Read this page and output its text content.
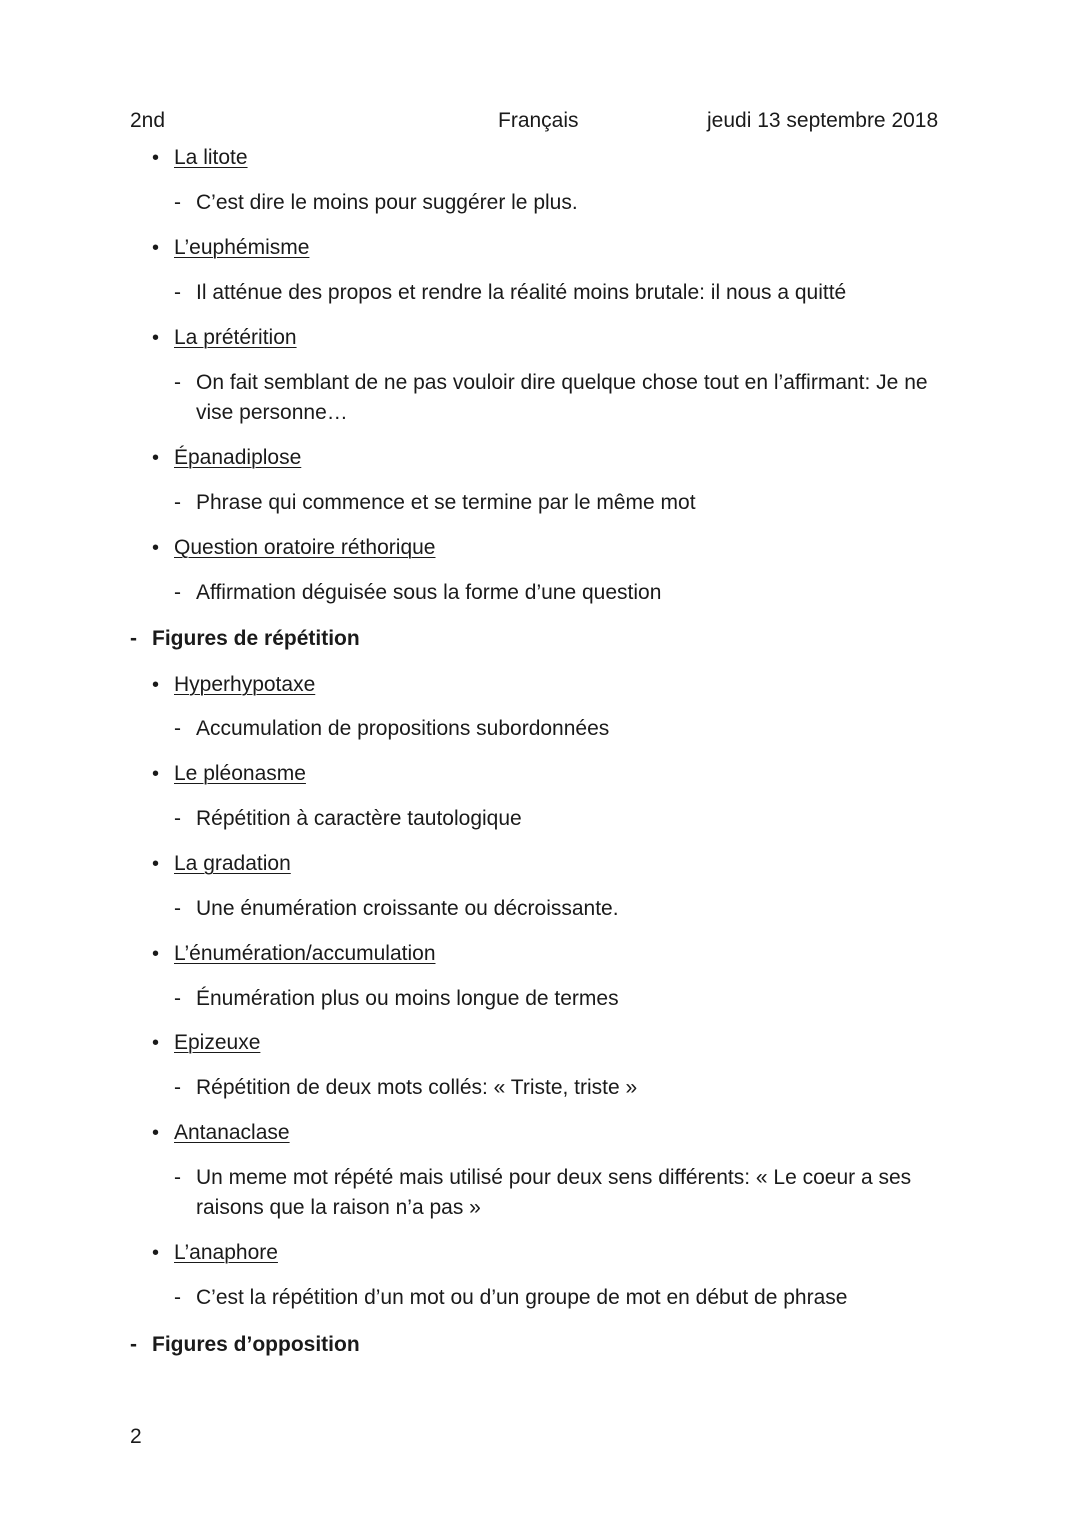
2nd	Français	jeudi 13 septembre 2018
• La litote
- C’est dire le moins pour suggérer le plus.
• L’euphémisme
- Il atténue des propos et rendre la réalité moins brutale: il nous a quitté
• La prétérition
- On fait semblant de ne pas vouloir dire quelque chose tout en l’affirmant: Je ne vise personne…
• Épanadiplose
- Phrase qui commence et se termine par le même mot
• Question oratoire réthorique
- Affirmation déguisée sous la forme d’une question
- Figures de répétition
• Hyperhypotaxe
- Accumulation de propositions subordonnées
• Le pléonasme
- Répétition à caractère tautologique
• La gradation
- Une énumération croissante ou décroissante.
• L’énumération/accumulation
- Énumération plus ou moins longue de termes
• Epizeuxe
- Répétition de deux mots collés: « Triste, triste »
• Antanaclase
- Un meme mot répété mais utilisé pour deux sens différents: « Le coeur a ses raisons que la raison n’a pas »
• L’anaphore
- C’est la répétition d’un mot ou d’un groupe de mot en début de phrase
- Figures d’opposition
2
